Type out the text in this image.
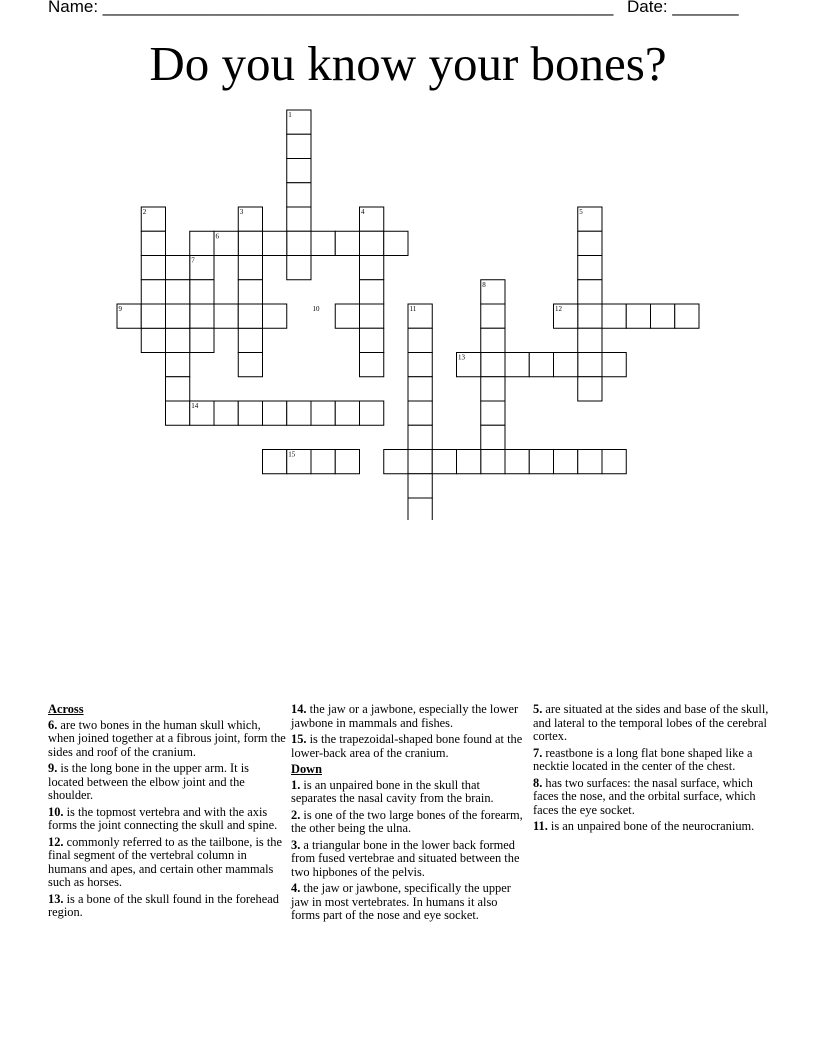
Name: ______________________________________________________ Date: _______
Do you know your bones?
1
2	3	4	5
6
7
8
9	10	11	12
13
14
15
Across
6. are two bones in the human skull which, when joined together at a fibrous joint, form the sides and roof of the cranium.
9. is the long bone in the upper arm. It is located between the elbow joint and the shoulder.
10. is the topmost vertebra and with the axis forms the joint connecting the skull and spine.
12. commonly referred to as the tailbone, is the final segment of the vertebral column in humans and apes, and certain other mammals such as horses.
13. is a bone of the skull found in the forehead region.
14. the jaw or a jawbone, especially the lower jawbone in mammals and fishes.
15. is the trapezoidal-shaped bone found at the lower-back area of the cranium.
Down
1. is an unpaired bone in the skull that separates the nasal cavity from the brain.
2. is one of the two large bones of the forearm, the other being the ulna.
3. a triangular bone in the lower back formed from fused vertebrae and situated between the two hipbones of the pelvis.
4. the jaw or jawbone, specifically the upper jaw in most vertebrates. In humans it also forms part of the nose and eye socket.
5. are situated at the sides and base of the skull, and lateral to the temporal lobes of the cerebral cortex.
7. reastbone is a long flat bone shaped like a necktie located in the center of the chest.
8. has two surfaces: the nasal surface, which faces the nose, and the orbital surface, which faces the eye socket.
11. is an unpaired bone of the neurocranium.
